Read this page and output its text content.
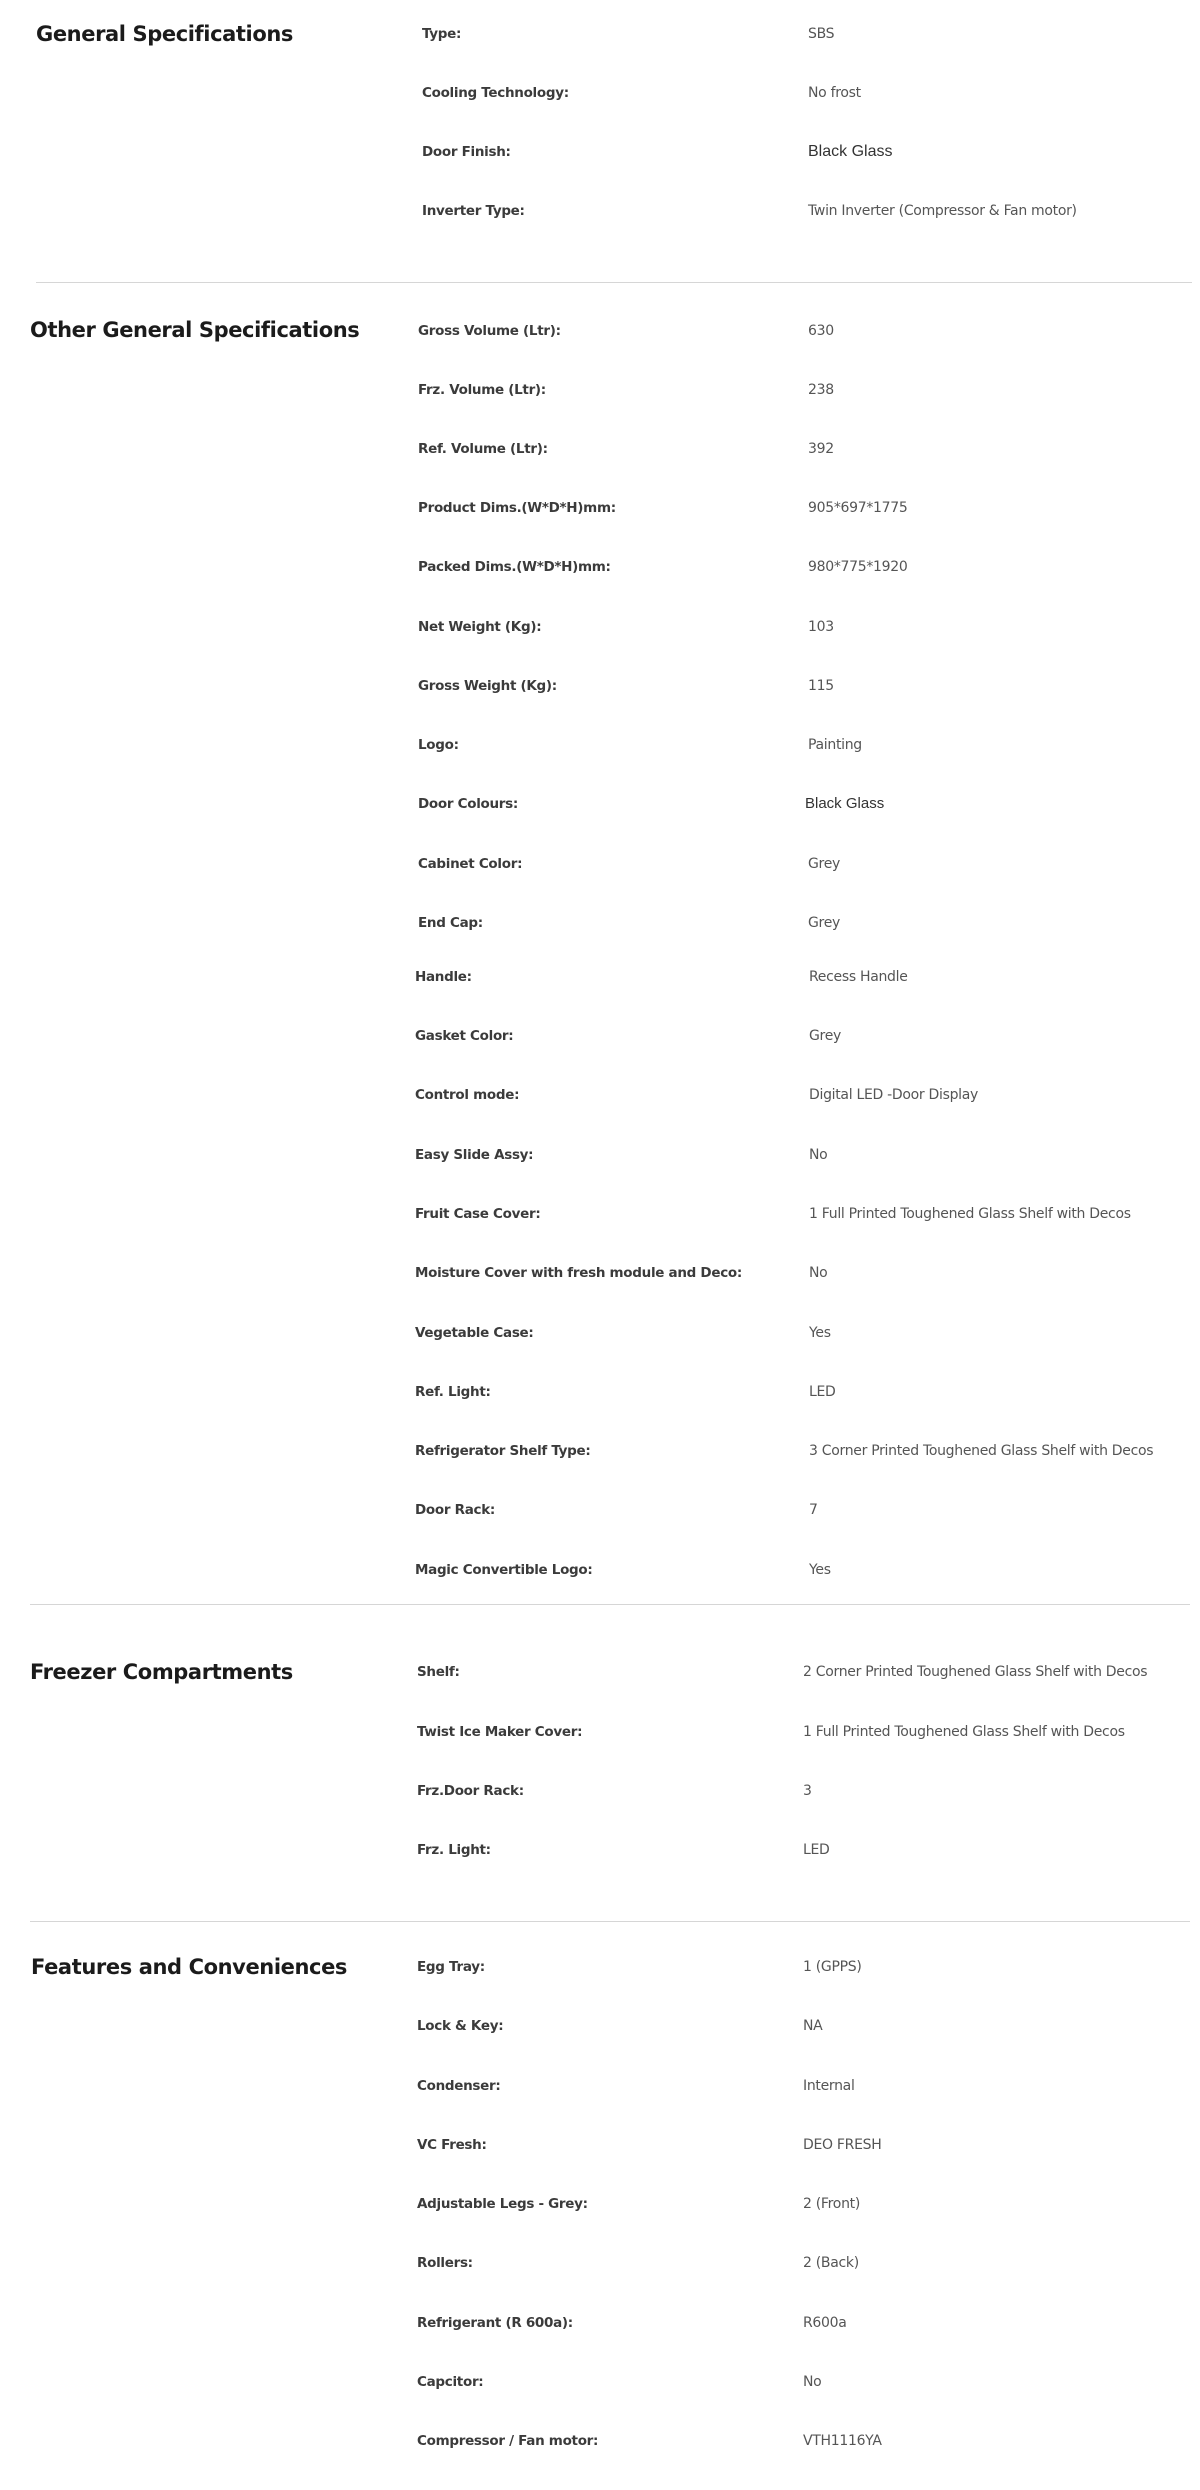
General Specifications	Type:	SBS
Cooling Technology:	No frost
Door Finish:	Black Glass
Inverter Type:	Twin Inverter (Compressor & Fan motor)
Other General Specifications	Gross Volume (Ltr):	630
Frz. Volume (Ltr):	238
Ref. Volume (Ltr):	392
Product Dims.(W*D*H)mm:	905*697*1775
Packed Dims.(W*D*H)mm:	980*775*1920
Net Weight (Kg):	103
Gross Weight (Kg):	115
Logo:	Painting
Door Colours:	Black Glass
Cabinet Color:	Grey
End Cap:	Grey
Handle:	Recess Handle
Gasket Color:	Grey
Control mode:	Digital LED -Door Display
Easy Slide Assy:	No
Fruit Case Cover:	1 Full Printed Toughened Glass Shelf with Decos
Moisture Cover with fresh module and Deco:	No
Vegetable Case:	Yes
Ref. Light:	LED
Refrigerator Shelf Type:	3 Corner Printed Toughened Glass Shelf with Decos
Door Rack:	7
Magic Convertible Logo:	Yes
Freezer Compartments	Shelf:	2 Corner Printed Toughened Glass Shelf with Decos
Twist Ice Maker Cover:	1 Full Printed Toughened Glass Shelf with Decos
Frz.Door Rack:	3
Frz. Light:	LED
Features and Conveniences	Egg Tray:	1 (GPPS)
Lock & Key:	NA
Condenser:	Internal
VC Fresh:	DEO FRESH
Adjustable Legs - Grey:	2 (Front)
Rollers:	2 (Back)
Refrigerant (R 600a):	R600a
Capcitor:	No
Compressor / Fan motor:	VTH1116YA
